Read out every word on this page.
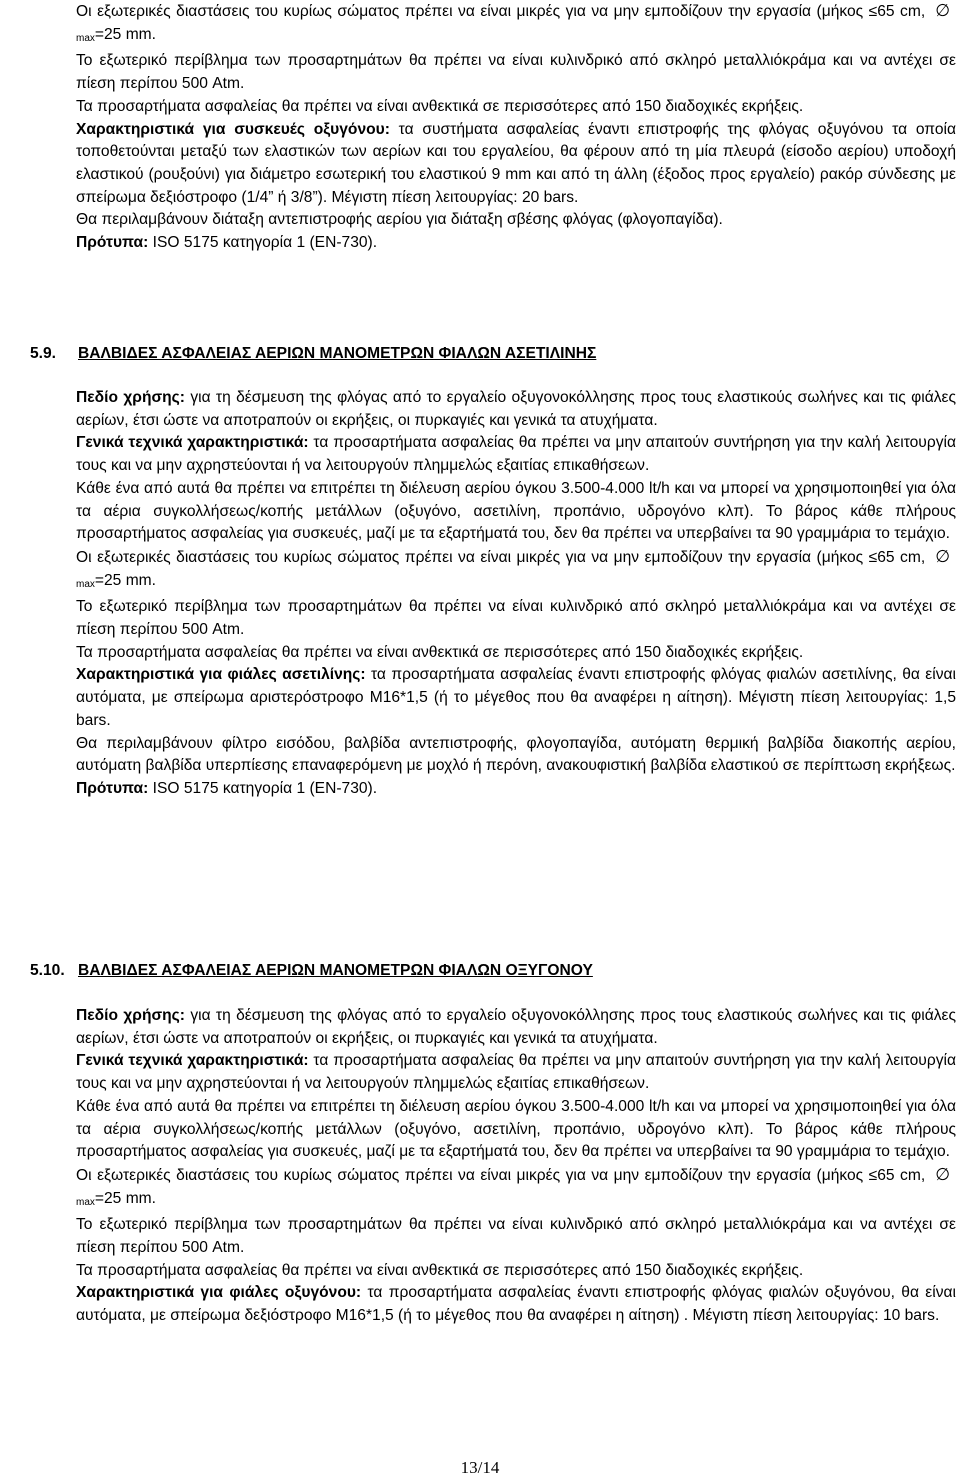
Οι εξωτερικές διαστάσεις του κυρίως σώματος πρέπει να είναι μικρές για να μην εμποδίζουν την εργασία (μήκος ≤65 cm, $\emptyset_{max}=25$ mm.

Το εξωτερικό περίβλημα των προσαρτημάτων θα πρέπει να είναι κυλινδρικό από σκληρό μεταλλιόκράμα και να αντέχει σε πίεση περίπου 500 Atm.

Τα προσαρτήματα ασφαλείας θα πρέπει να είναι ανθεκτικά σε περισσότερες από 150 διαδοχικές εκρήξεις.

Χαρακτηριστικά για συσκευές οξυγόνου: τα συστήματα ασφαλείας έναντι επιστροφής της φλόγας οξυγόνου τα οποία τοποθετούνται μεταξύ των ελαστικών των αερίων και του εργαλείου, θα φέρουν από τη μία πλευρά (είσοδο αερίου) υποδοχή ελαστικού (ρουξούνι) για διάμετρο εσωτερική του ελαστικού 9 mm και από τη άλλη (έξοδος προς εργαλείο) ρακόρ σύνδεσης με σπείρωμα δεξιόστροφο (1/4” ή 3/8”). Μέγιστη πίεση λειτουργίας: 20 bars.

Θα περιλαμβάνουν διάταξη αντεπιστροφής αερίου για διάταξη σβέσης φλόγας (φλογοπαγίδα).

Πρότυπα: ISO 5175 κατηγορία 1 (EN-730).

5.9. ΒΑΛΒΙΔΕΣ ΑΣΦΑΛΕΙΑΣ ΑΕΡΙΩΝ ΜΑΝΟΜΕΤΡΩΝ ΦΙΑΛΩΝ ΑΣΕΤΙΛΙΝΗΣ

Πεδίο χρήσης: για τη δέσμευση της φλόγας από το εργαλείο οξυγονοκόλλησης προς τους ελαστικούς σωλήνες και τις φιάλες αερίων, έτσι ώστε να αποτραπούν οι εκρήξεις, οι πυρκαγιές και γενικά τα ατυχήματα.

Γενικά τεχνικά χαρακτηριστικά: τα προσαρτήματα ασφαλείας θα πρέπει να μην απαιτούν συντήρηση για την καλή λειτουργία τους και να μην αχρηστεύονται ή να λειτουργούν πλημμελώς εξαιτίας επικαθήσεων.

Κάθε ένα από αυτά θα πρέπει να επιτρέπει τη διέλευση αερίου όγκου 3.500-4.000 lt/h και να μπορεί να χρησιμοποιηθεί για όλα τα αέρια συγκολλήσεως/κοπής μετάλλων (οξυγόνο, ασετιλίνη, προπάνιο, υδρογόνο κλπ). Το βάρος κάθε πλήρους προσαρτήματος ασφαλείας για συσκευές, μαζί με τα εξαρτήματά του, δεν θα πρέπει να υπερβαίνει τα 90 γραμμάρια το τεμάχιο.

Οι εξωτερικές διαστάσεις του κυρίως σώματος πρέπει να είναι μικρές για να μην εμποδίζουν την εργασία (μήκος ≤65 cm, $\emptyset_{max}=25$ mm.

Το εξωτερικό περίβλημα των προσαρτημάτων θα πρέπει να είναι κυλινδρικό από σκληρό μεταλλιόκράμα και να αντέχει σε πίεση περίπου 500 Atm.

Τα προσαρτήματα ασφαλείας θα πρέπει να είναι ανθεκτικά σε περισσότερες από 150 διαδοχικές εκρήξεις.

Χαρακτηριστικά για φιάλες ασετιλίνης: τα προσαρτήματα ασφαλείας έναντι επιστροφής φλόγας φιαλών ασετιλίνης, θα είναι αυτόματα, με σπείρωμα αριστερόστροφο M16*1,5 (ή το μέγεθος που θα αναφέρει η αίτηση). Μέγιστη πίεση λειτουργίας: 1,5 bars.

Θα περιλαμβάνουν φίλτρο εισόδου, βαλβίδα αντεπιστροφής, φλογοπαγίδα, αυτόματη θερμική βαλβίδα διακοπής αερίου, αυτόματη βαλβίδα υπερπίεσης επαναφερόμενη με μοχλό ή περόνη, ανακουφιστική βαλβίδα ελαστικού σε περίπτωση εκρήξεως.

Πρότυπα: ISO 5175 κατηγορία 1 (EN-730).

5.10. ΒΑΛΒΙΔΕΣ ΑΣΦΑΛΕΙΑΣ ΑΕΡΙΩΝ ΜΑΝΟΜΕΤΡΩΝ ΦΙΑΛΩΝ ΟΞΥΓΟΝΟΥ

Πεδίο χρήσης: για τη δέσμευση της φλόγας από το εργαλείο οξυγονοκόλλησης προς τους ελαστικούς σωλήνες και τις φιάλες αερίων, έτσι ώστε να αποτραπούν οι εκρήξεις, οι πυρκαγιές και γενικά τα ατυχήματα.

Γενικά τεχνικά χαρακτηριστικά: τα προσαρτήματα ασφαλείας θα πρέπει να μην απαιτούν συντήρηση για την καλή λειτουργία τους και να μην αχρηστεύονται ή να λειτουργούν πλημμελώς εξαιτίας επικαθήσεων.

Κάθε ένα από αυτά θα πρέπει να επιτρέπει τη διέλευση αερίου όγκου 3.500-4.000 lt/h και να μπορεί να χρησιμοποιηθεί για όλα τα αέρια συγκολλήσεως/κοπής μετάλλων (οξυγόνο, ασετιλίνη, προπάνιο, υδρογόνο κλπ). Το βάρος κάθε πλήρους προσαρτήματος ασφαλείας για συσκευές, μαζί με τα εξαρτήματά του, δεν θα πρέπει να υπερβαίνει τα 90 γραμμάρια το τεμάχιο.

Οι εξωτερικές διαστάσεις του κυρίως σώματος πρέπει να είναι μικρές για να μην εμποδίζουν την εργασία (μήκος ≤65 cm, $\emptyset_{max}=25$ mm.

Το εξωτερικό περίβλημα των προσαρτημάτων θα πρέπει να είναι κυλινδρικό από σκληρό μεταλλιόκράμα και να αντέχει σε πίεση περίπου 500 Atm.

Τα προσαρτήματα ασφαλείας θα πρέπει να είναι ανθεκτικά σε περισσότερες από 150 διαδοχικές εκρήξεις.

Χαρακτηριστικά για φιάλες οξυγόνου: τα προσαρτήματα ασφαλείας έναντι επιστροφής φλόγας φιαλών οξυγόνου, θα είναι αυτόματα, με σπείρωμα δεξιόστροφο M16*1,5 (ή το μέγεθος που θα αναφέρει η αίτηση) . Μέγιστη πίεση λειτουργίας: 10 bars.

13/14
